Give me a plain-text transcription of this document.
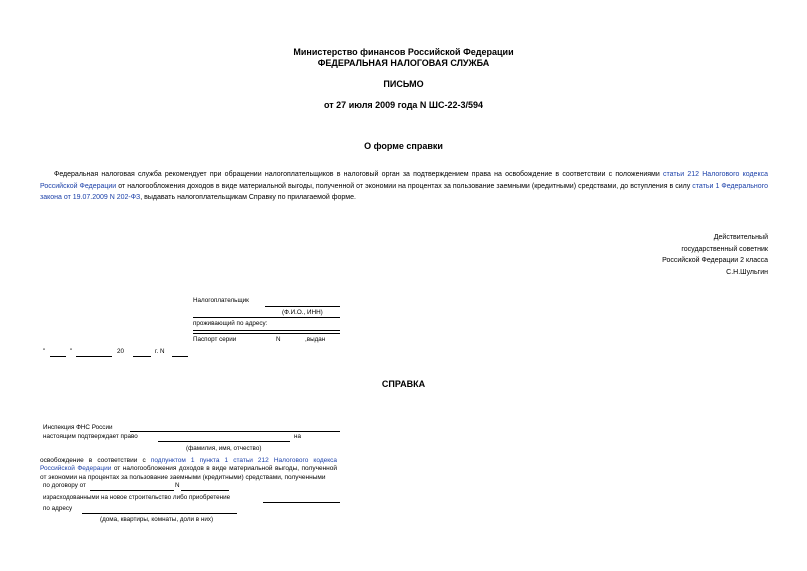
Министерство финансов Российской Федерации
ФЕДЕРАЛЬНАЯ НАЛОГОВАЯ СЛУЖБА
ПИСЬМО
от 27 июля 2009 года N ШС-22-3/594
О форме справки
Федеральная налоговая служба рекомендует при обращении налогоплательщиков в налоговый орган за подтверждением права на освобождение в соответствии с положениями статьи 212 Налогового кодекса Российской Федерации от налогообложения доходов в виде материальной выгоды, полученной от экономии на процентах за пользование заемными (кредитными) средствами, до вступления в силу статьи 1 Федерального закона от 19.07.2009 N 202-ФЗ, выдавать налогоплательщикам Справку по прилагаемой форме.
Действительный
государственный советник
Российской Федерации 2 класса
С.Н.Шульгин
Налогоплательщик
(Ф.И.О., ИНН)
проживающий по адресу:
Паспорт серии	N	,выдан
"	"	20	г. N
СПРАВКА
Инспекция ФНС России
настоящим подтверждает право	на
(фамилия, имя, отчество)
освобождение в соответствии с подпунктом 1 пункта 1 статьи 212 Налогового кодекса Российской Федерации от налогообложения доходов в виде материальной выгоды, полученной от экономии на процентах за пользование заемными (кредитными) средствами, полученными
по договору от	N
израсходованными на новое строительство либо приобретение
по адресу
(дома, квартиры, комнаты, доли в них)
